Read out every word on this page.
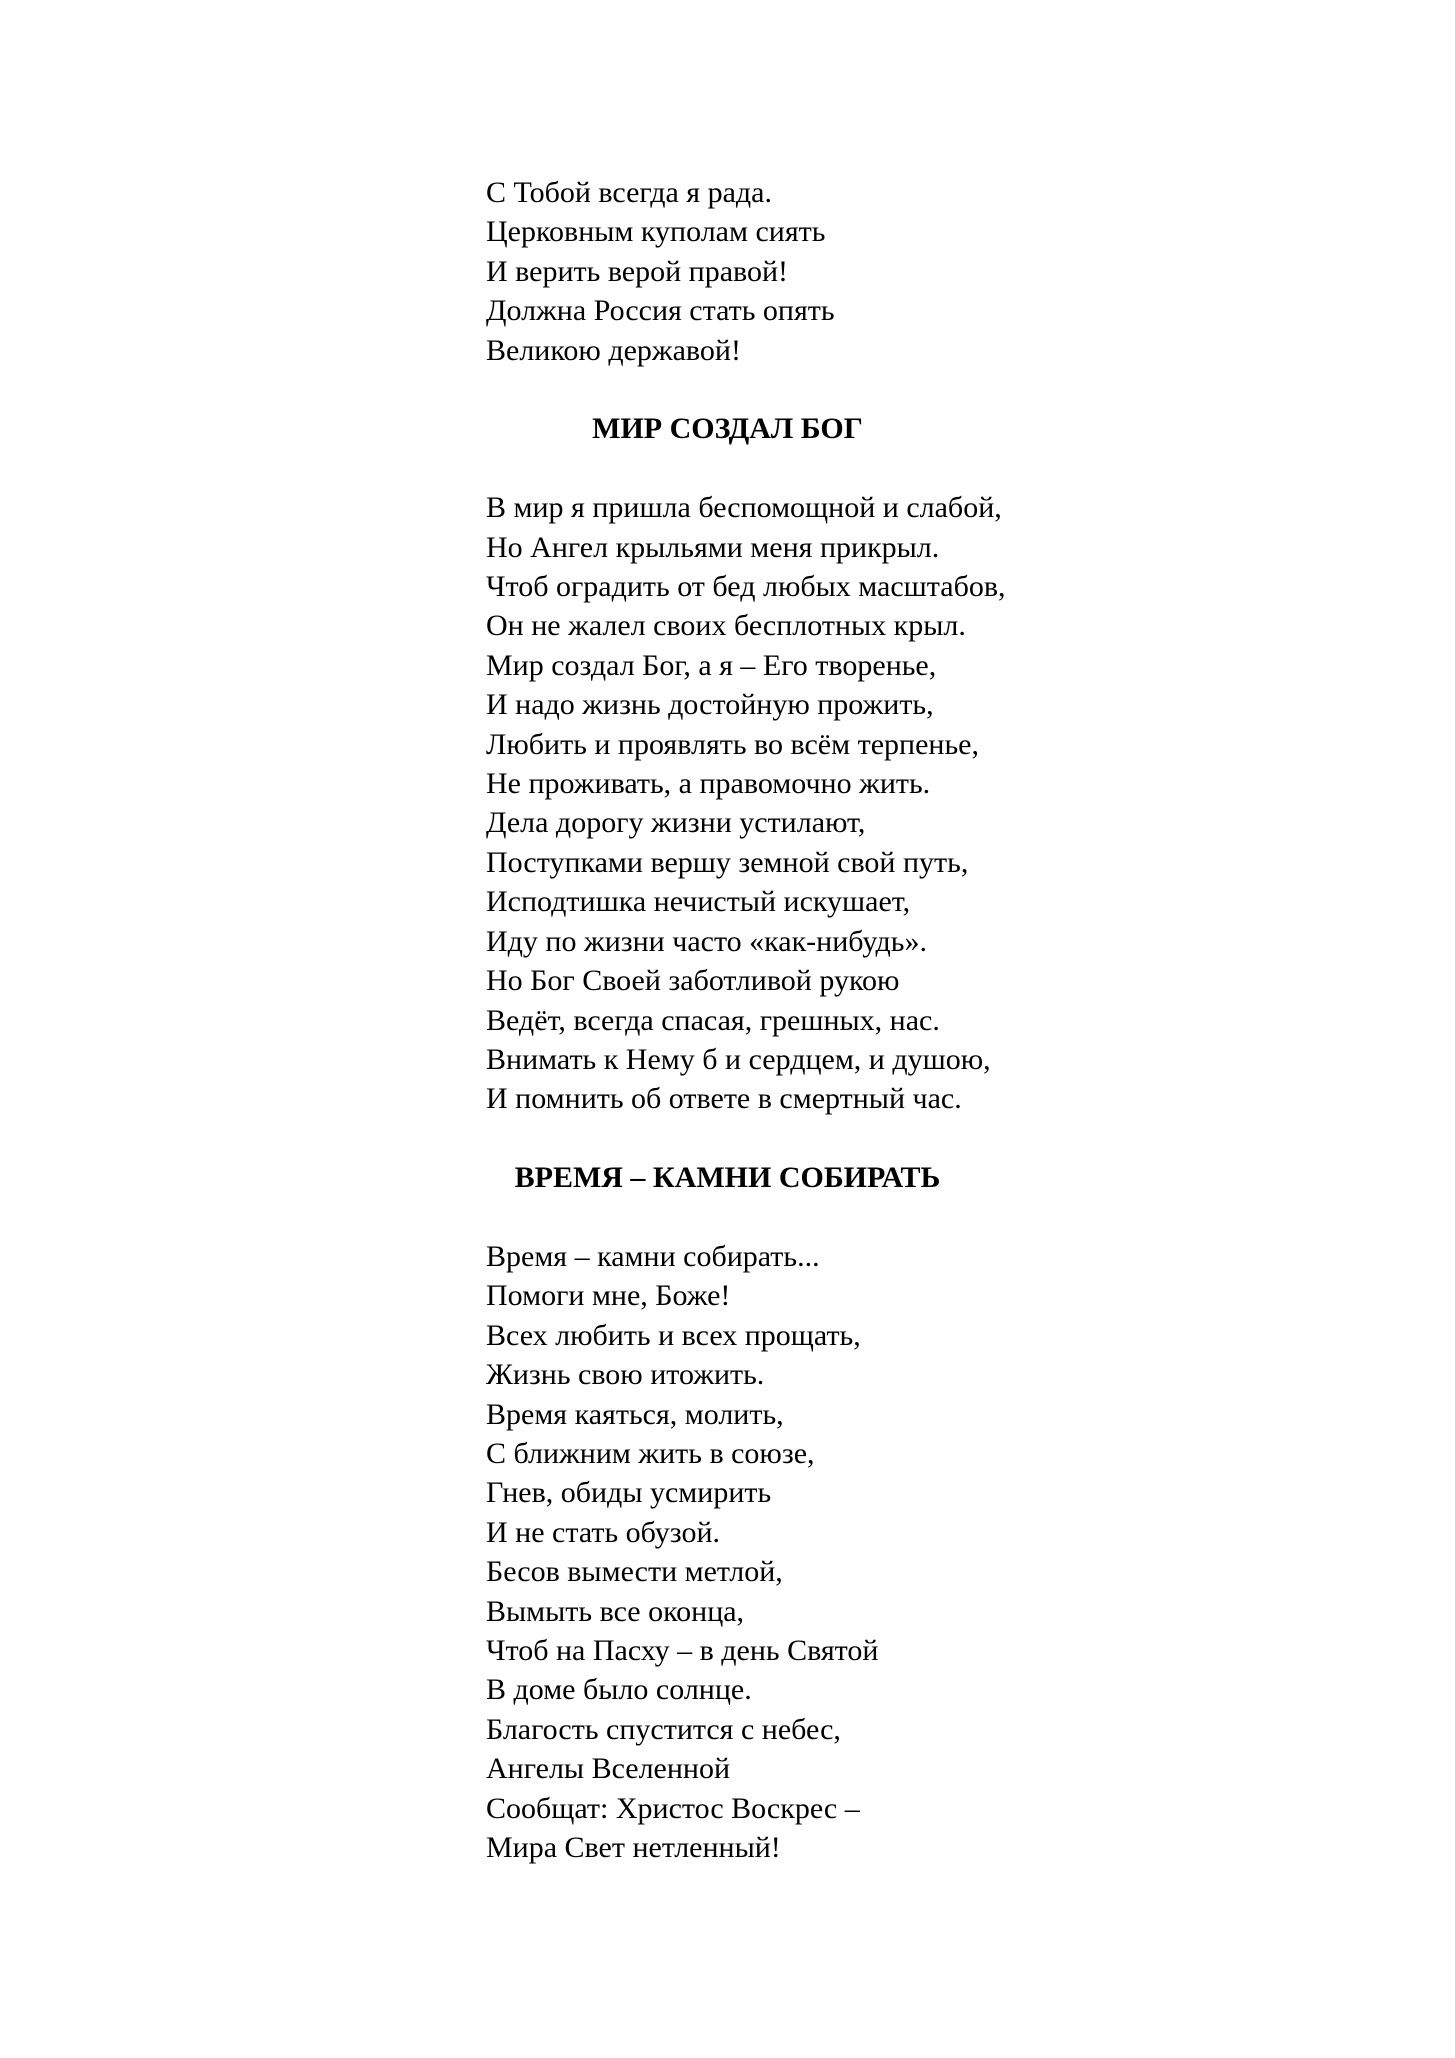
С Тобой всегда я рада.
Церковным куполам сиять
И верить верой правой!
Должна Россия стать опять
Великою державой!
МИР СОЗДАЛ БОГ
В мир я пришла беспомощной и слабой,
Но Ангел крыльями меня прикрыл.
Чтоб оградить от бед любых масштабов,
Он не жалел своих бесплотных крыл.
Мир создал Бог, а я – Его творенье,
И надо жизнь достойную прожить,
Любить и проявлять во всём терпенье,
Не проживать, а правомочно жить.
Дела дорогу жизни устилают,
Поступками вершу земной свой путь,
Исподтишка нечистый искушает,
Иду по жизни часто «как-нибудь».
Но Бог Своей заботливой рукою
Ведёт, всегда спасая, грешных, нас.
Внимать к Нему б и сердцем, и душою,
И помнить об ответе в смертный час.
ВРЕМЯ – КАМНИ СОБИРАТЬ
Время – камни собирать...
Помоги мне, Боже!
Всех любить и всех прощать,
Жизнь свою итожить.
Время каяться, молить,
С ближним жить в союзе,
Гнев, обиды усмирить
И не стать обузой.
Бесов вымести метлой,
Вымыть все оконца,
Чтоб на Пасху – в день Святой
В доме было солнце.
Благость спустится с небес,
Ангелы Вселенной
Сообщат: Христос Воскрес –
Мира Свет нетленный!
